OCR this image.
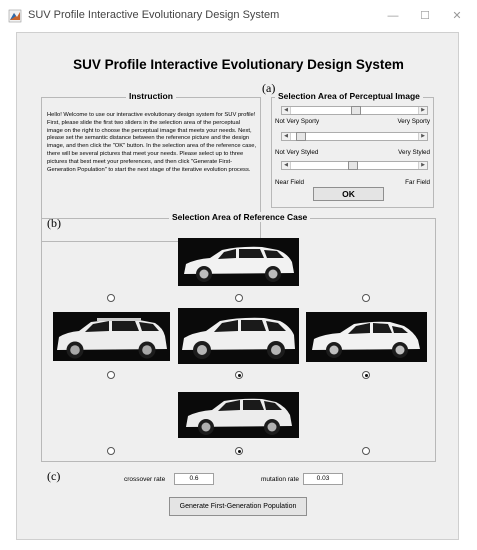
SUV Profile Interactive Evolutionary Design System	—	☐	✕
SUV Profile Interactive Evolutionary Design System
Instruction
Hello! Welcome to use our interactive evolutionary design system for SUV profile! First, please slide the first two sliders in the selection area of the perceptual image on the right to choose the perceptual image that meets your needs. Next, please set the semantic distance between the reference picture and the design image, and then click the "OK" button. In the selection area of the reference case, there will be several pictures that meet your needs. Please select up to three pictures that best meet your preferences, and then click "Generate First-Generation Population" to start the next stage of the iterative evolution process.
(a)
Selection Area of Perceptual Image
◀	▶
Not Very Sporty	Very Sporty
◀	▶
Not Very Styled	Very Styled
◀	▶
Near Field	Far Field
OK
(b)	Selection Area of Reference Case
(c)	crossover rate	0.6	mutation rate	0.03
Generate First-Generation Population
